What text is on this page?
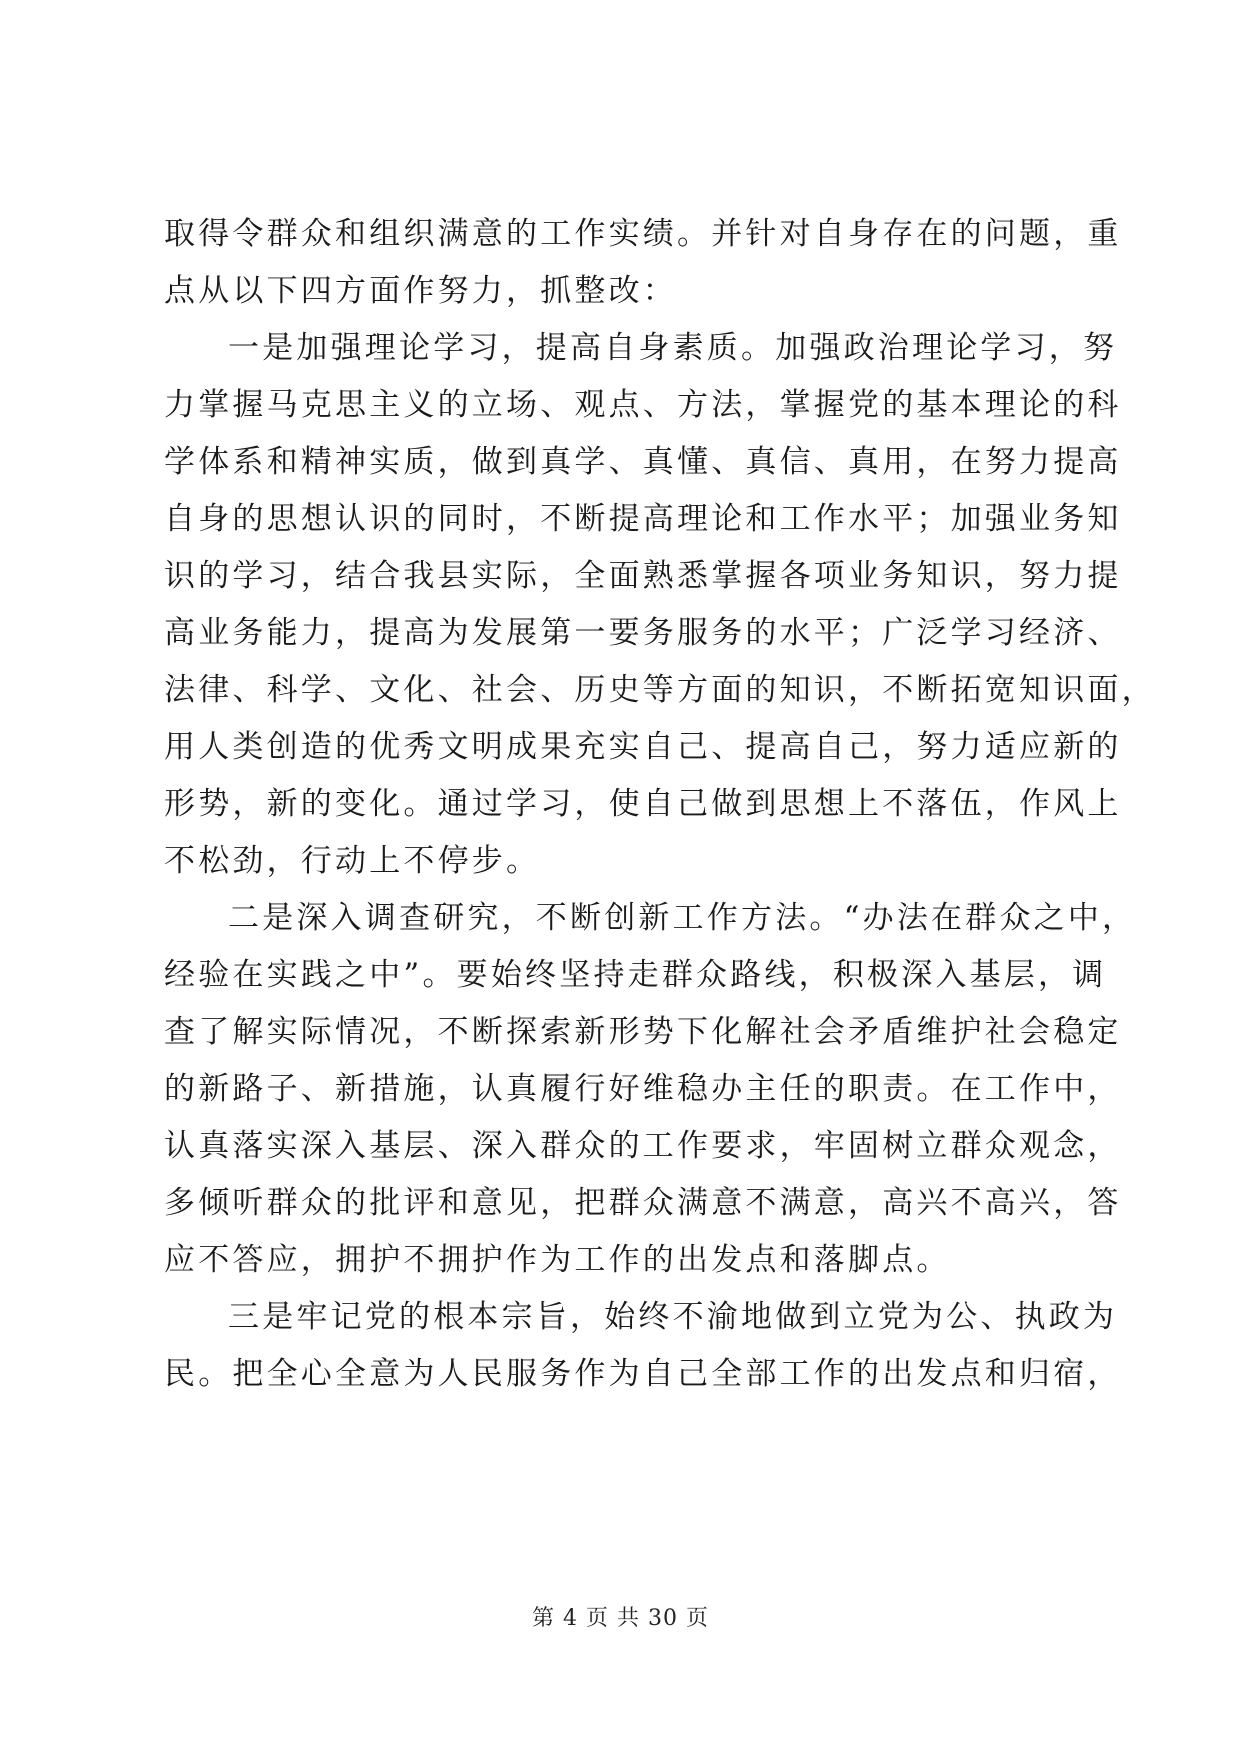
取得令群众和组织满意的工作实绩。并针对自身存在的问题，重
点从以下四方面作努力，抓整改：
一是加强理论学习，提高自身素质。加强政治理论学习，努
力掌握马克思主义的立场、观点、方法，掌握党的基本理论的科
学体系和精神实质，做到真学、真懂、真信、真用，在努力提高
自身的思想认识的同时，不断提高理论和工作水平；加强业务知
识的学习，结合我县实际，全面熟悉掌握各项业务知识，努力提
高业务能力，提高为发展第一要务服务的水平；广泛学习经济、
法律、科学、文化、社会、历史等方面的知识，不断拓宽知识面，
用人类创造的优秀文明成果充实自己、提高自己，努力适应新的
形势，新的变化。通过学习，使自己做到思想上不落伍，作风上
不松劲，行动上不停步。
二是深入调查研究，不断创新工作方法。“办法在群众之中，
经验在实践之中”。要始终坚持走群众路线，积极深入基层，调
查了解实际情况，不断探索新形势下化解社会矛盾维护社会稳定
的新路子、新措施，认真履行好维稳办主任的职责。在工作中，
认真落实深入基层、深入群众的工作要求，牢固树立群众观念，
多倾听群众的批评和意见，把群众满意不满意，高兴不高兴，答
应不答应，拥护不拥护作为工作的出发点和落脚点。
三是牢记党的根本宗旨，始终不渝地做到立党为公、执政为
民。把全心全意为人民服务作为自己全部工作的出发点和归宿，
第 4 页 共 30 页
